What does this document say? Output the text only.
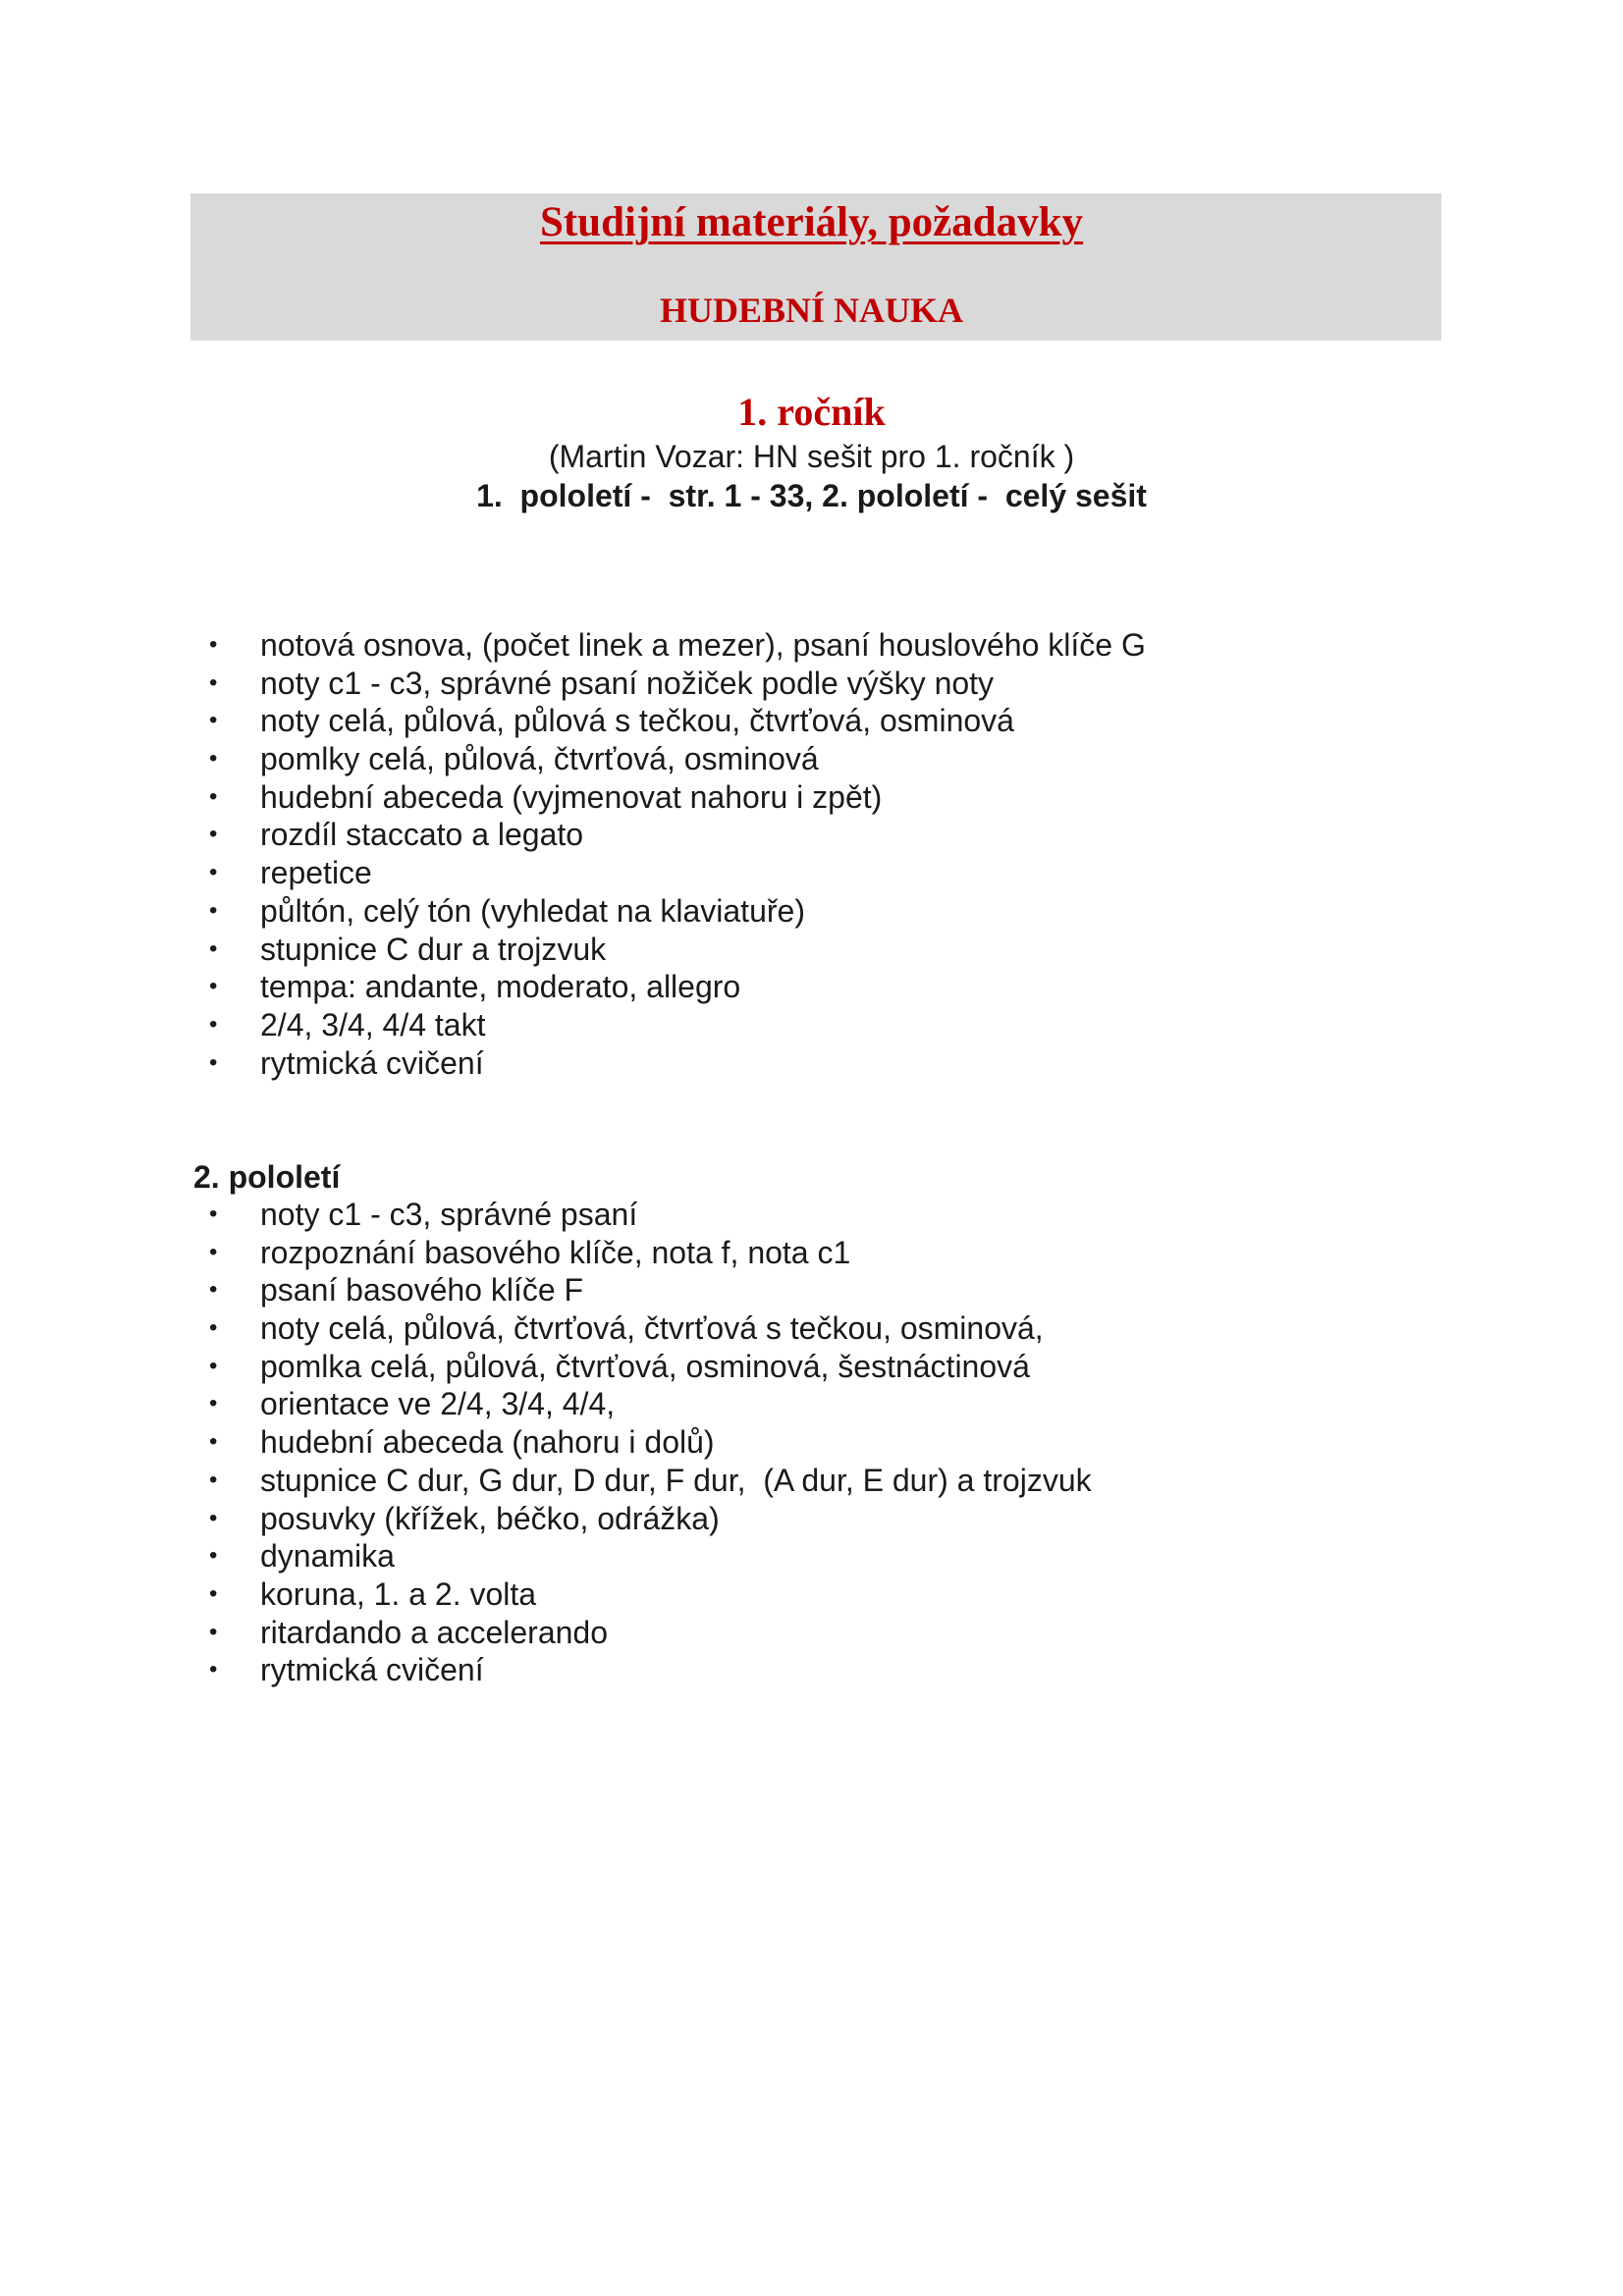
Studijní materiály, požadavky
HUDEBNÍ NAUKA
1. ročník
(Martin Vozar: HN sešit pro 1. ročník )
1.  pololetí -  str. 1 - 33, 2. pololetí -  celý sešit
• notová osnova, (počet linek a mezer), psaní houslového klíče G
• noty c1 - c3, správné psaní nožiček podle výšky noty
• noty celá, půlová, půlová s tečkou, čtvrťová, osminová
• pomlky celá, půlová, čtvrťová, osminová
• hudební abeceda (vyjmenovat nahoru i zpět)
• rozdíl staccato a legato
• repetice
• půltón, celý tón (vyhledat na klaviatuře)
• stupnice C dur a trojzvuk
• tempa: andante, moderato, allegro
• 2/4, 3/4, 4/4 takt
• rytmická cvičení
2. pololetí
• noty c1 - c3, správné psaní
• rozpoznání basového klíče, nota f, nota c1
• psaní basového klíče F
• noty celá, půlová, čtvrťová, čtvrťová s tečkou, osminová,
• pomlka celá, půlová, čtvrťová, osminová, šestnáctinová
• orientace ve 2/4, 3/4, 4/4,
• hudební abeceda (nahoru i dolů)
• stupnice C dur, G dur, D dur, F dur,  (A dur, E dur) a trojzvuk
• posuvky (křížek, béčko, odrážka)
• dynamika
• koruna, 1. a 2. volta
• ritardando a accelerando
• rytmická cvičení
